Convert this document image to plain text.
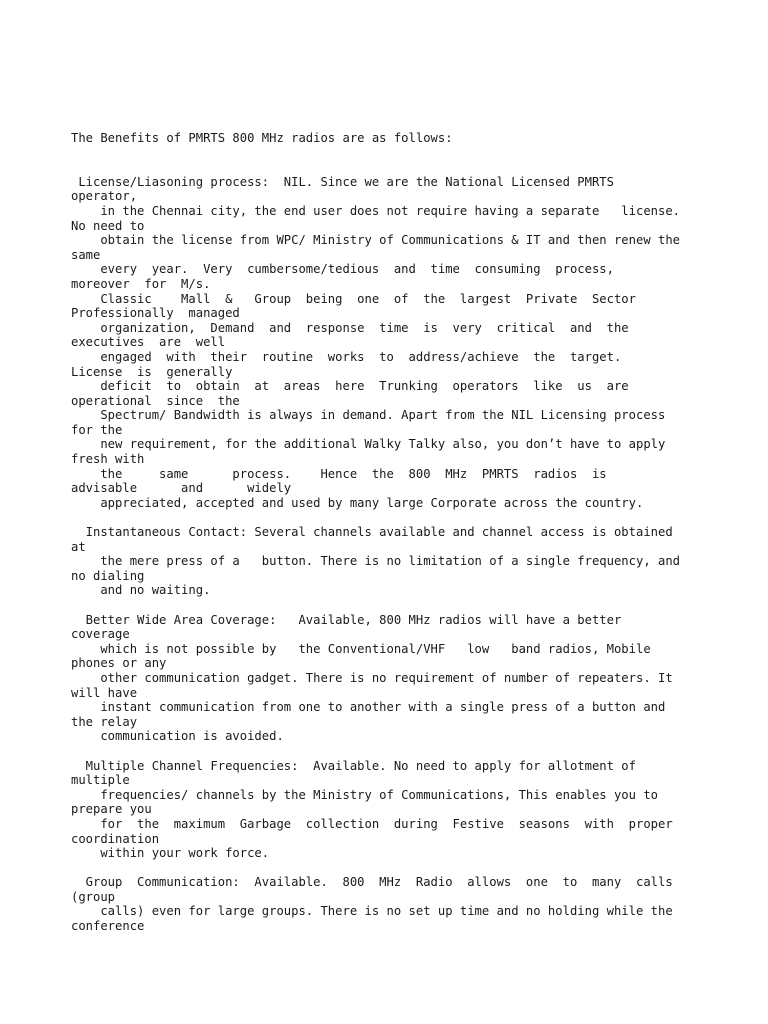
The Benefits of PMRTS 800 MHz radios are as follows:
License/Liasoning process:  NIL. Since we are the National Licensed PMRTS
operator,
in the Chennai city, the end user does not require having a separate   license.
No need to
obtain the license from WPC/ Ministry of Communications & IT and then renew the
same
every  year.  Very  cumbersome/tedious  and  time  consuming  process,
moreover  for  M/s.
Classic    Mall  &   Group  being  one  of  the  largest  Private  Sector
Professionally  managed
organization,  Demand  and  response  time  is  very  critical  and  the
executives  are  well
engaged  with  their  routine  works  to  address/achieve  the  target.
License  is  generally
deficit  to  obtain  at  areas  here  Trunking  operators  like  us  are
operational  since  the
Spectrum/ Bandwidth is always in demand. Apart from the NIL Licensing process
for the
new requirement, for the additional Walky Talky also, you don’t have to apply
fresh with
the     same      process.    Hence  the  800  MHz  PMRTS  radios  is
advisable      and      widely
appreciated, accepted and used by many large Corporate across the country.
Instantaneous Contact: Several channels available and channel access is obtained
at
the mere press of a   button. There is no limitation of a single frequency, and
no dialing
and no waiting.
Better Wide Area Coverage:   Available, 800 MHz radios will have a better
coverage
which is not possible by   the Conventional/VHF   low   band radios, Mobile
phones or any
other communication gadget. There is no requirement of number of repeaters. It
will have
instant communication from one to another with a single press of a button and
the relay
communication is avoided.
Multiple Channel Frequencies:  Available. No need to apply for allotment of
multiple
frequencies/ channels by the Ministry of Communications, This enables you to
prepare you
for  the  maximum  Garbage  collection  during  Festive  seasons  with  proper
coordination
within your work force.
Group  Communication:  Available.  800  MHz  Radio  allows  one  to  many  calls
(group
calls) even for large groups. There is no set up time and no holding while the
conference
